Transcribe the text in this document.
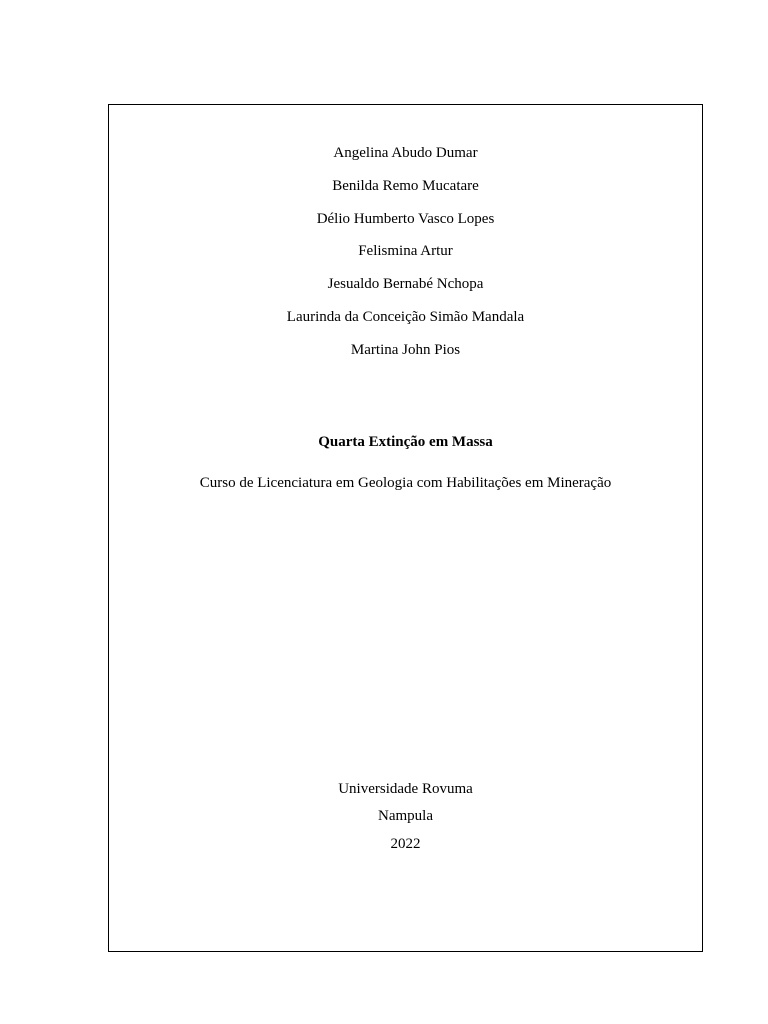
Angelina Abudo Dumar
Benilda Remo Mucatare
Délio Humberto Vasco Lopes
Felismina Artur
Jesualdo Bernabé Nchopa
Laurinda da Conceição Simão Mandala
Martina John Pios
Quarta Extinção em Massa
Curso de Licenciatura em Geologia com Habilitações em Mineração
Universidade Rovuma
Nampula
2022
